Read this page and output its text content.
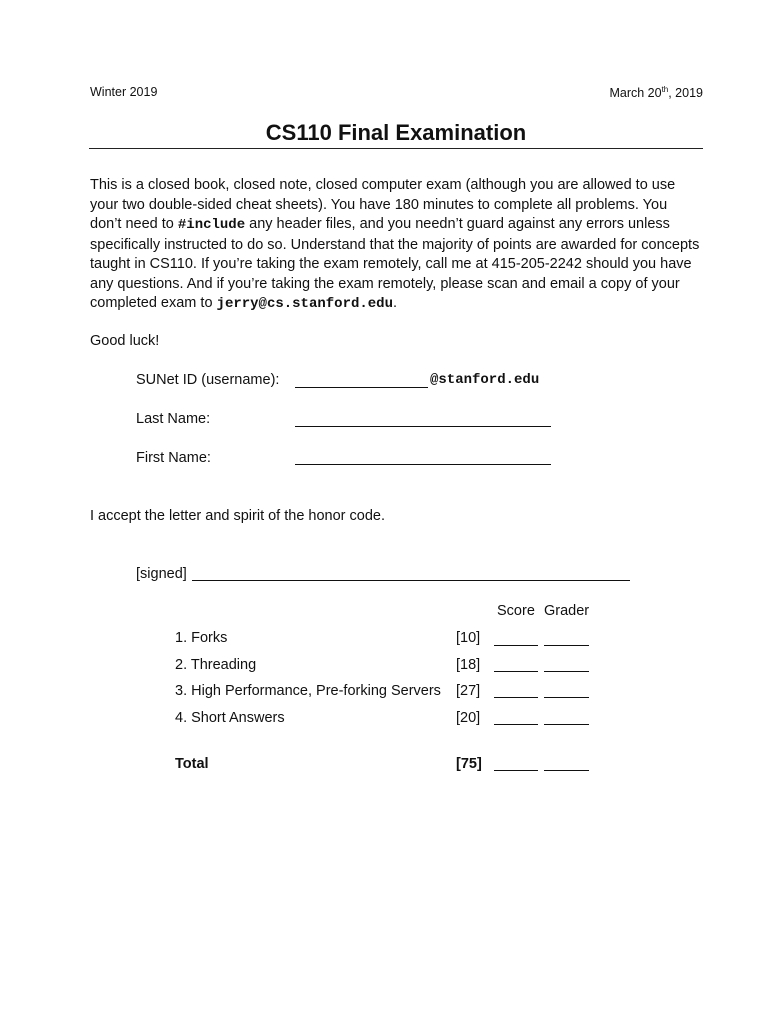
Winter 2019	March 20th, 2019
CS110 Final Examination
This is a closed book, closed note, closed computer exam (although you are allowed to use your two double-sided cheat sheets). You have 180 minutes to complete all problems. You don’t need to #include any header files, and you needn’t guard against any errors unless specifically instructed to do so. Understand that the majority of points are awarded for concepts taught in CS110. If you’re taking the exam remotely, call me at 415-205-2242 should you have any questions. And if you’re taking the exam remotely, please scan and email a copy of your completed exam to jerry@cs.stanford.edu.
Good luck!
SUNet ID (username):	@stanford.edu
Last Name:
First Name:
I accept the letter and spirit of the honor code.
[signed]
Score Grader
1. Forks	[10]
2. Threading	[18]
3. High Performance, Pre-forking Servers [27]
4. Short Answers	[20]
Total	[75]
